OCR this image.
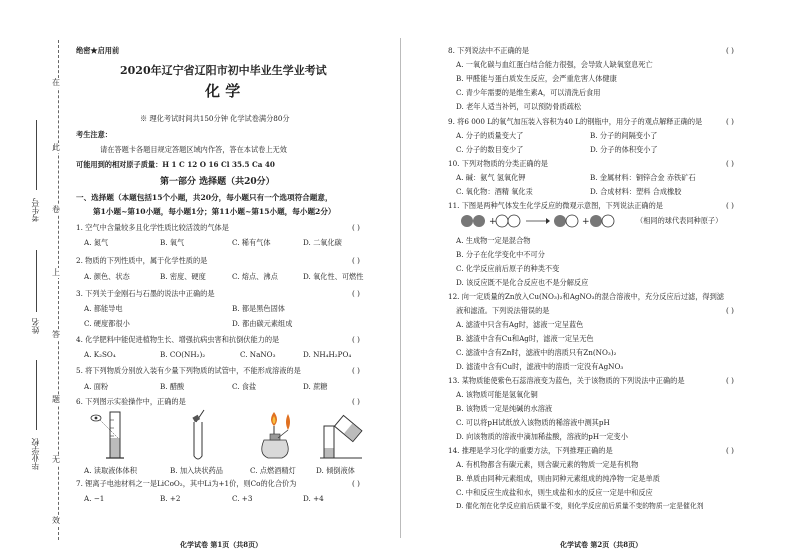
在
此
卷
上
答
题
无
效
考生号
姓名
毕业学校
绝密★启用前
2020年辽宁省辽阳市初中毕业生学业考试
化 学
※ 理化考试时间共150分钟 化学试卷满分80分
考生注意：
请在答题卡各题目规定答题区域内作答，答在本试卷上无效
可能用到的相对原子质量：H 1 C 12 O 16 Cl 35.5 Ca 40
第一部分 选择题（共20分）
一、选择题（本题包括15个小题，共20分，每小题只有一个选项符合题意，
第1小题~第10小题，每小题1分；第11小题~第15小题，每小题2分）
1. 空气中含量较多且化学性质比较活泼的气体是	( )
A. 氮气	B. 氧气	C. 稀有气体	D. 二氧化碳
2. 物质的下列性质中，属于化学性质的是	( )
A. 颜色、状态	B. 密度、硬度	C. 熔点、沸点	D. 氧化性、可燃性
3. 下列关于金刚石与石墨的说法中正确的是	( )
A. 都能导电	B. 都是黑色固体
C. 硬度都很小	D. 都由碳元素组成
4. 化学肥料中能促进植物生长、增强抗病虫害和抗倒伏能力的是	( )
A. K₂SO₄	B. CO(NH₂)₂	C. NaNO₃	D. NH₄H₂PO₄
5. 将下列物质分别放入装有少量下列物质的试管中，不能形成溶液的是	( )
A. 面粉	B. 醋酸	C. 食盐	D. 蔗糖
6. 下列图示实验操作中，正确的是	( )
A. 读取液体体积	B. 加入块状药品	C. 点燃酒精灯	D. 倾倒液体
7. 锂离子电池材料之一是LiCoO₂，其中Li为+1价，则Co的化合价为	( )
A. −1	B. +2	C. +3	D. +4
化学试卷 第1页（共8页）
8. 下列说法中不正确的是	( )
A. 一氧化碳与血红蛋白结合能力很强，会导致人缺氧窒息死亡
B. 甲醛能与蛋白质发生反应，会严重危害人体健康
C. 青少年需要的是维生素A，可以清洗后食用
D. 老年人适当补钙，可以预防骨质疏松
9. 将6 000 L的氧气加压装入容积为40 L的钢瓶中，用分子的观点解释正确的是	( )
A. 分子的质量变大了	B. 分子的间隔变小了
C. 分子的数目变少了	D. 分子的体积变小了
10. 下列对物质的分类正确的是	( )
A. 碱：氨气 氢氧化钾	B. 金属材料：铜锌合金 赤铁矿石
C. 氧化物：酒精 氧化汞	D. 合成材料：塑料 合成橡胶
11. 下图是两种气体发生化学反应的微观示意图，下列说法正确的是	( )
+	+	（相同的球代表同种原子）
A. 生成物一定是混合物
B. 分子在化学变化中不可分
C. 化学反应前后原子的种类不变
D. 该反应既不是化合反应也不是分解反应
12. 向一定质量的Zn放入Cu(NO₃)₂和AgNO₃的混合溶液中，充分反应后过滤，得到滤
液和滤渣。下列说法错误的是	( )
A. 滤渣中只含有Ag时，滤液一定呈蓝色
B. 滤渣中含有Cu和Ag时，滤液一定呈无色
C. 滤渣中含有Zn时，滤液中的溶质只有Zn(NO₃)₂
D. 滤渣中含有Cu时，滤液中的溶质一定没有AgNO₃
13. 某物质能使紫色石蕊溶液变为蓝色，关于该物质的下列说法中正确的是	( )
A. 该物质可能是氢氧化铜
B. 该物质一定是纯碱的水溶液
C. 可以将pH试纸放入该物质的稀溶液中测其pH
D. 向该物质的溶液中滴加稀盐酸，溶液的pH一定变小
14. 推理是学习化学的重要方法，下列推理正确的是	( )
A. 有机物都含有碳元素，则含碳元素的物质一定是有机物
B. 单质由同种元素组成，则由同种元素组成的纯净物一定是单质
C. 中和反应生成盐和水，则生成盐和水的反应一定是中和反应
D. 催化剂在化学反应前后质量不变，则化学反应前后质量不变的物质一定是催化剂
化学试卷 第2页（共8页）
